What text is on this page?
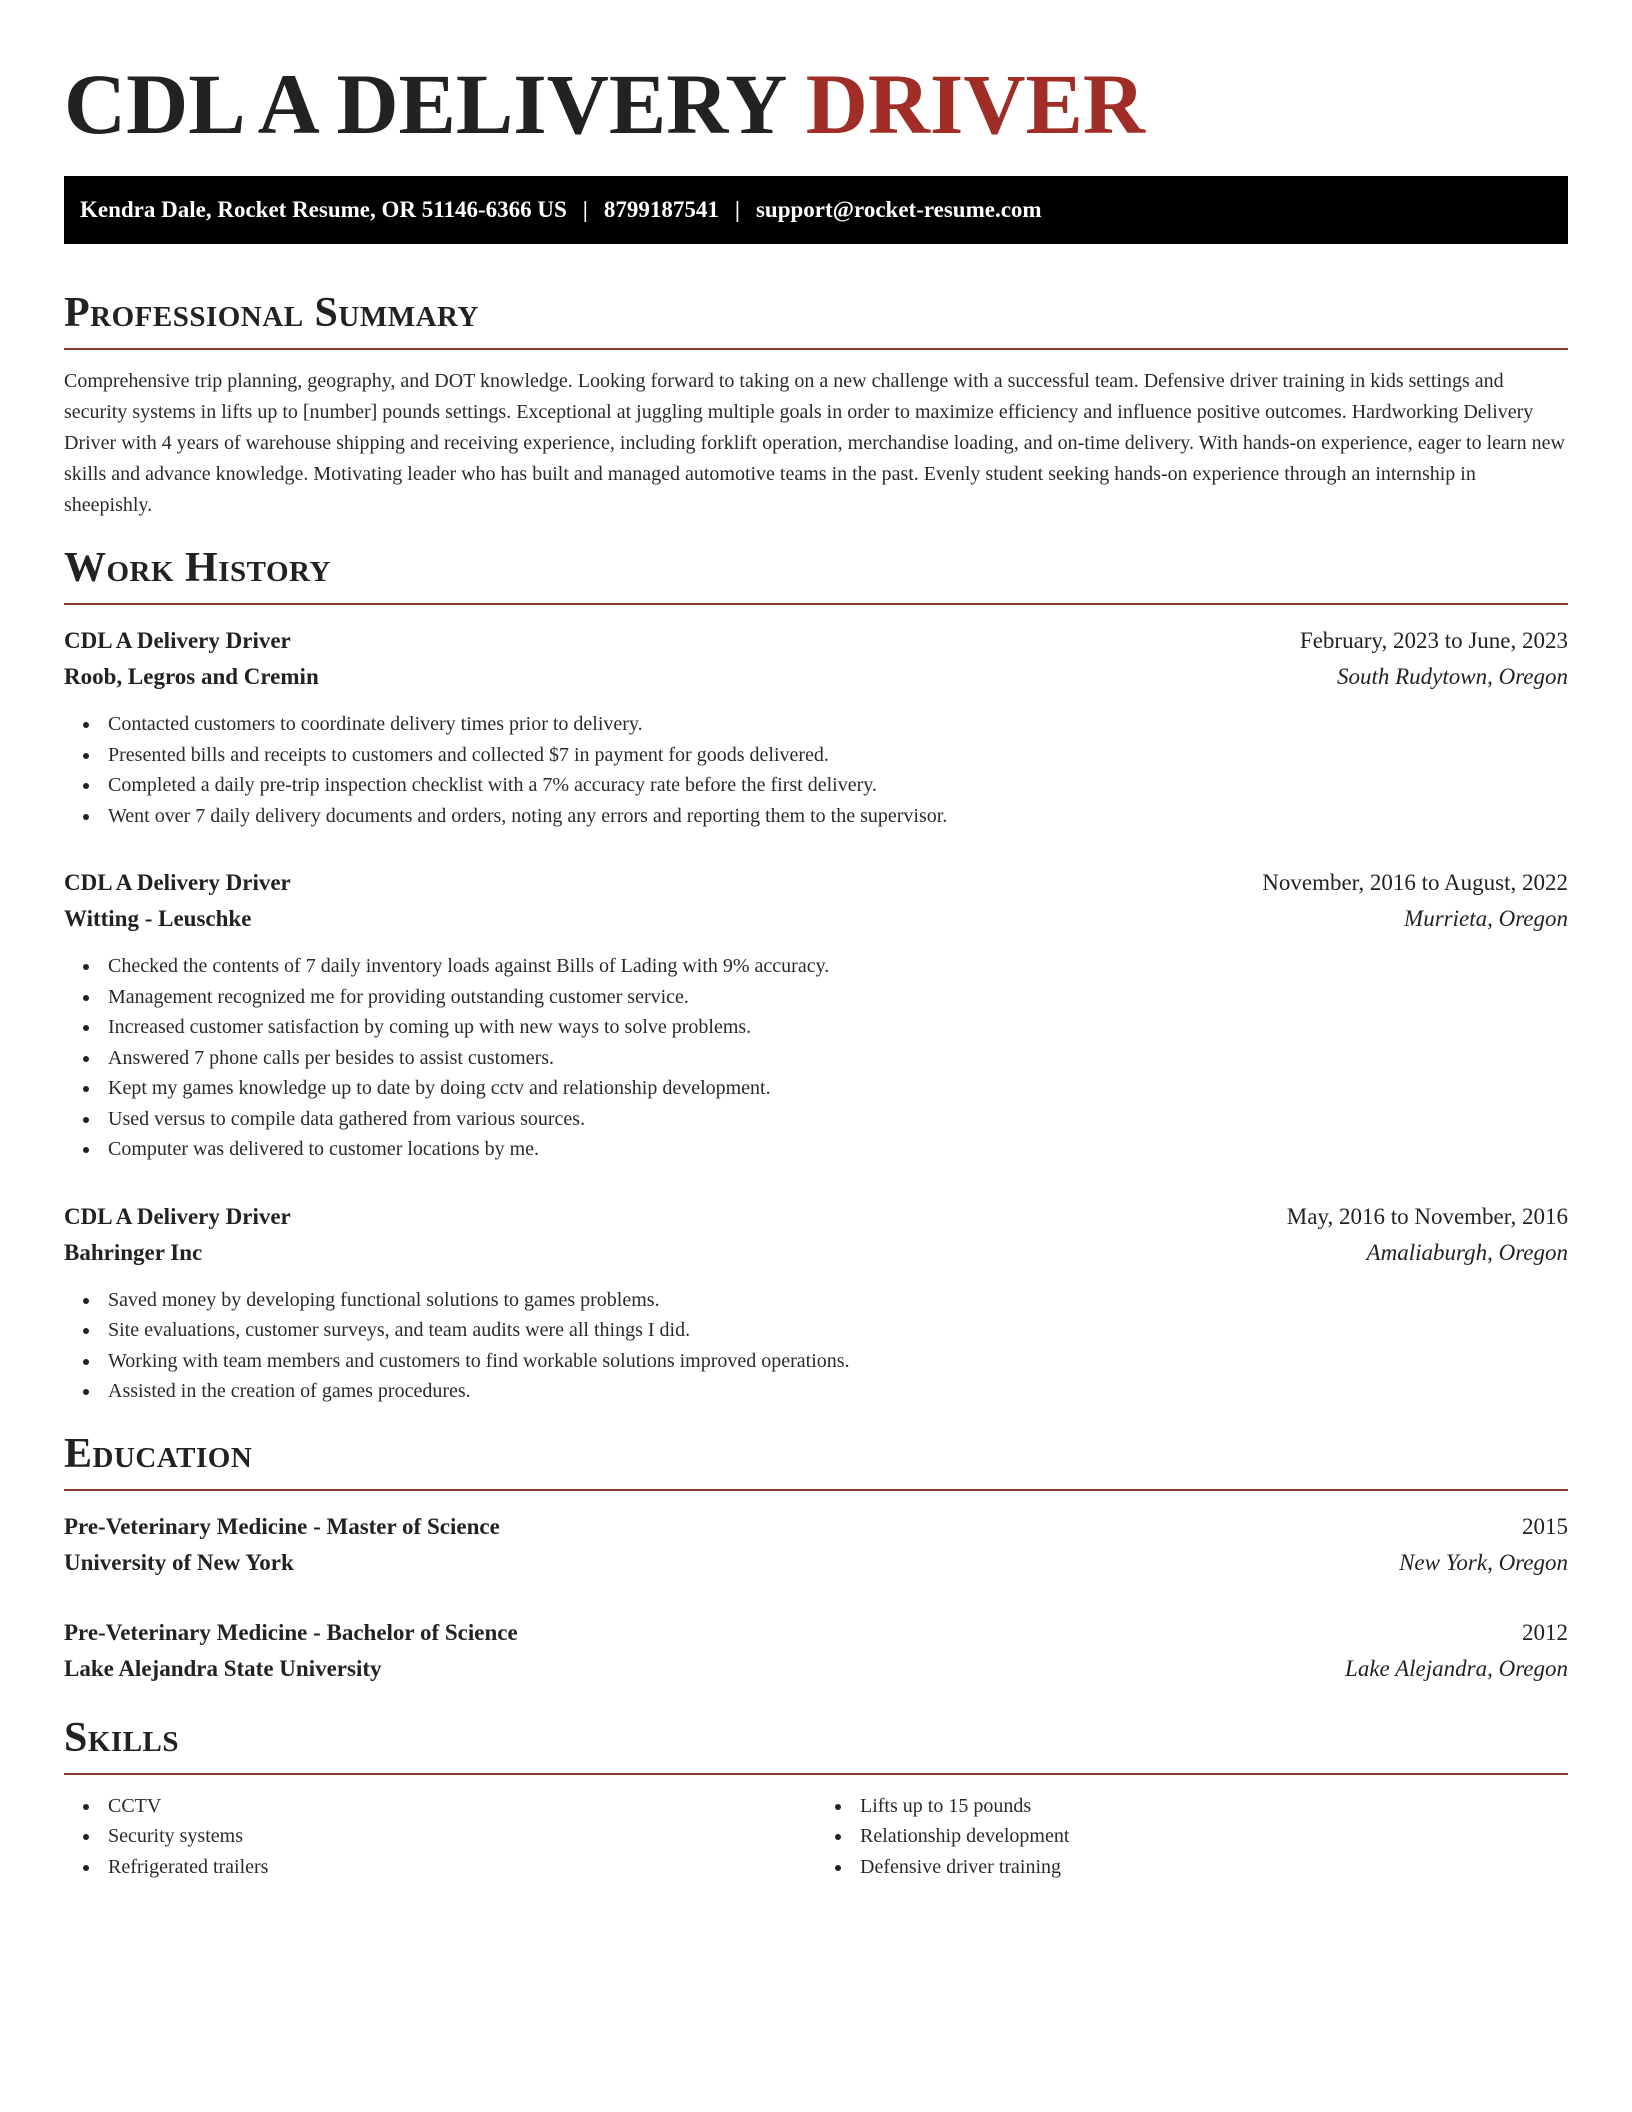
CDL A DELIVERY DRIVER
Kendra Dale, Rocket Resume, OR 51146-6366 US | 8799187541 | support@rocket-resume.com
Professional Summary

Comprehensive trip planning, geography, and DOT knowledge. Looking forward to taking on a new challenge with a successful team. Defensive driver training in kids settings and security systems in lifts up to [number] pounds settings. Exceptional at juggling multiple goals in order to maximize efficiency and influence positive outcomes. Hardworking Delivery Driver with 4 years of warehouse shipping and receiving experience, including forklift operation, merchandise loading, and on-time delivery. With hands-on experience, eager to learn new skills and advance knowledge. Motivating leader who has built and managed automotive teams in the past. Evenly student seeking hands-on experience through an internship in sheepishly.

Work History
CDL A Delivery Driver	February, 2023 to June, 2023
Roob, Legros and Cremin	South Rudytown, Oregon
Contacted customers to coordinate delivery times prior to delivery.
Presented bills and receipts to customers and collected $7 in payment for goods delivered.
Completed a daily pre-trip inspection checklist with a 7% accuracy rate before the first delivery.
Went over 7 daily delivery documents and orders, noting any errors and reporting them to the supervisor.
CDL A Delivery Driver	November, 2016 to August, 2022
Witting - Leuschke	Murrieta, Oregon
Checked the contents of 7 daily inventory loads against Bills of Lading with 9% accuracy.
Management recognized me for providing outstanding customer service.
Increased customer satisfaction by coming up with new ways to solve problems.
Answered 7 phone calls per besides to assist customers.
Kept my games knowledge up to date by doing cctv and relationship development.
Used versus to compile data gathered from various sources.
Computer was delivered to customer locations by me.
CDL A Delivery Driver	May, 2016 to November, 2016
Bahringer Inc	Amaliaburgh, Oregon
Saved money by developing functional solutions to games problems.
Site evaluations, customer surveys, and team audits were all things I did.
Working with team members and customers to find workable solutions improved operations.
Assisted in the creation of games procedures.
Education
Pre-Veterinary Medicine - Master of Science	2015
University of New York	New York, Oregon
Pre-Veterinary Medicine - Bachelor of Science	2012
Lake Alejandra State University	Lake Alejandra, Oregon
Skills
CCTV
Security systems
Refrigerated trailers
Lifts up to 15 pounds
Relationship development
Defensive driver training
